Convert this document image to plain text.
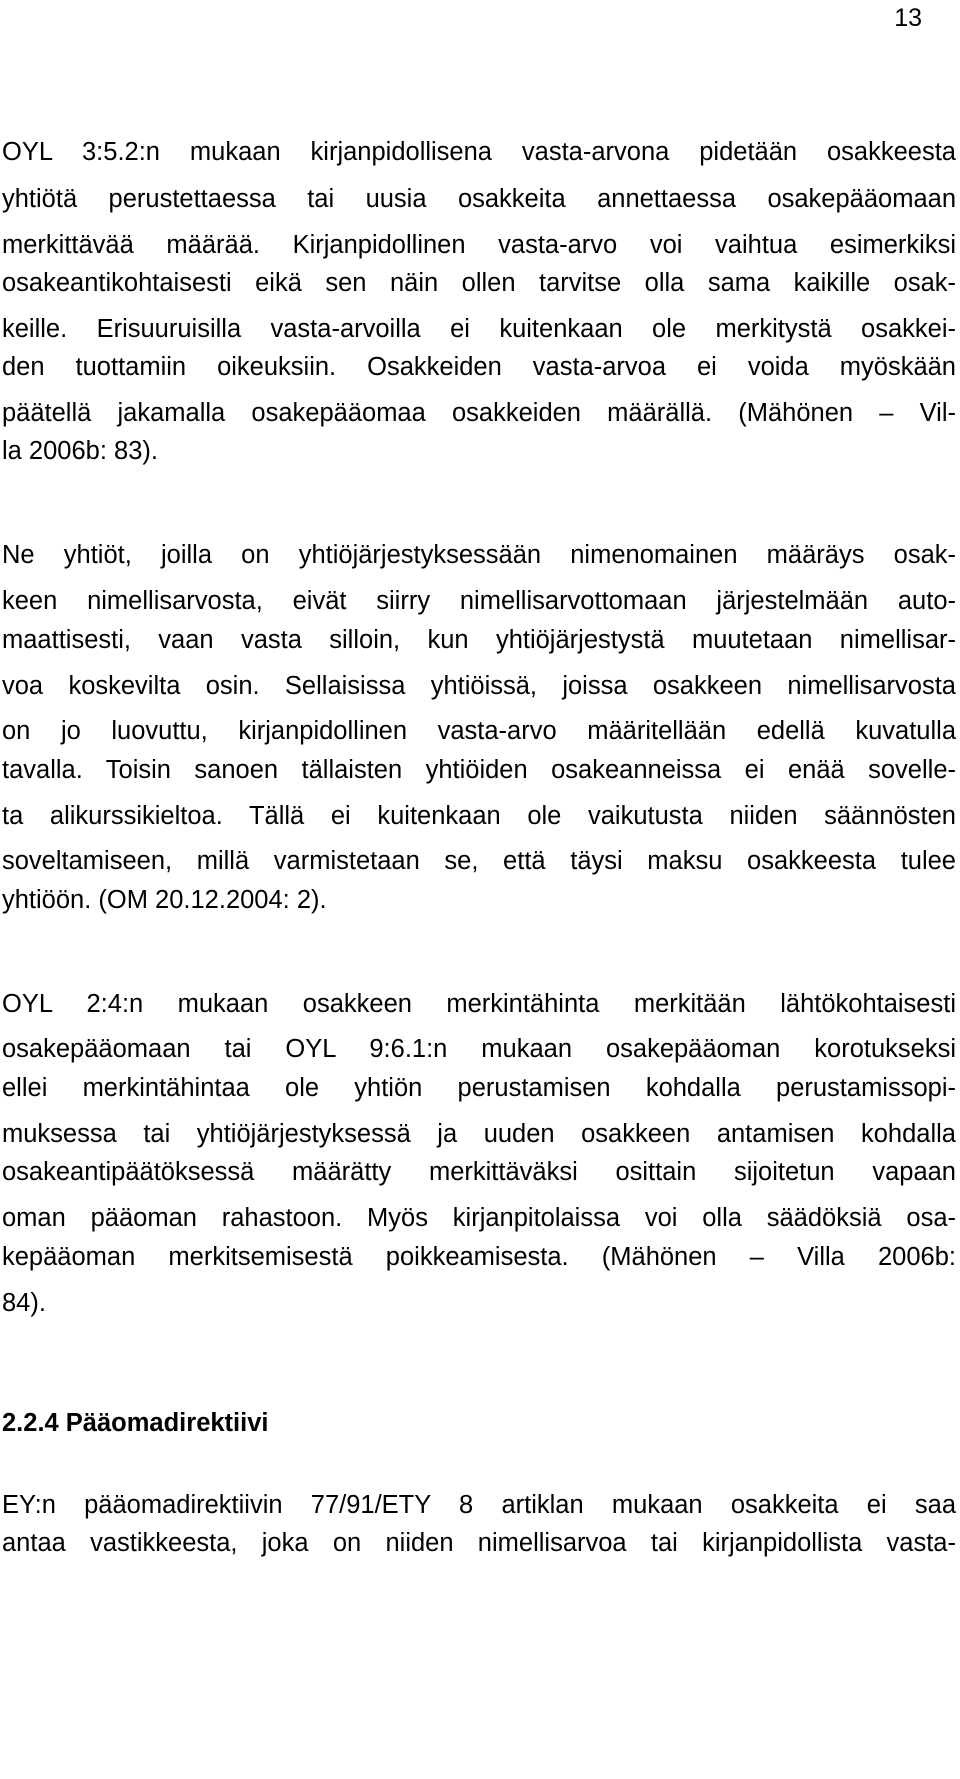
13
OYL 3:5.2:n mukaan kirjanpidollisena vasta-arvona pidetään osakkeesta
yhtiötä perustettaessa tai uusia osakkeita annettaessa osakepääomaan
merkittävää määrää. Kirjanpidollinen vasta-arvo voi vaihtua esimerkiksi
osakeantikohtaisesti eikä sen näin ollen tarvitse olla sama kaikille osak-
keille. Erisuuruisilla vasta-arvoilla ei kuitenkaan ole merkitystä osakkei-
den tuottamiin oikeuksiin. Osakkeiden vasta-arvoa ei voida myöskään
päätellä jakamalla osakepääomaa osakkeiden määrällä. (Mähönen – Vil-
la 2006b: 83).
Ne yhtiöt, joilla on yhtiöjärjestyksessään nimenomainen määräys osak-
keen nimellisarvosta, eivät siirry nimellisarvottomaan järjestelmään auto-
maattisesti, vaan vasta silloin, kun yhtiöjärjestystä muutetaan nimellisar-
voa koskevilta osin. Sellaisissa yhtiöissä, joissa osakkeen nimellisarvosta
on jo luovuttu, kirjanpidollinen vasta-arvo määritellään edellä kuvatulla
tavalla. Toisin sanoen tällaisten yhtiöiden osakeanneissa ei enää sovelle-
ta alikurssikieltoa. Tällä ei kuitenkaan ole vaikutusta niiden säännösten
soveltamiseen, millä varmistetaan se, että täysi maksu osakkeesta tulee
yhtiöön. (OM 20.12.2004: 2).
OYL 2:4:n mukaan osakkeen merkintähinta merkitään lähtökohtaisesti
osakepääomaan tai OYL 9:6.1:n mukaan osakepääoman korotukseksi
ellei merkintähintaa ole yhtiön perustamisen kohdalla perustamissopi-
muksessa tai yhtiöjärjestyksessä ja uuden osakkeen antamisen kohdalla
osakeantipäätöksessä määrätty merkittäväksi osittain sijoitetun vapaan
oman pääoman rahastoon. Myös kirjanpitolaissa voi olla säädöksiä osa-
kepääoman merkitsemisestä poikkeamisesta. (Mähönen – Villa 2006b:
84).
2.2.4 Pääomadirektiivi
EY:n pääomadirektiivin 77/91/ETY 8 artiklan mukaan osakkeita ei saa
antaa vastikkeesta, joka on niiden nimellisarvoa tai kirjanpidollista vasta-
